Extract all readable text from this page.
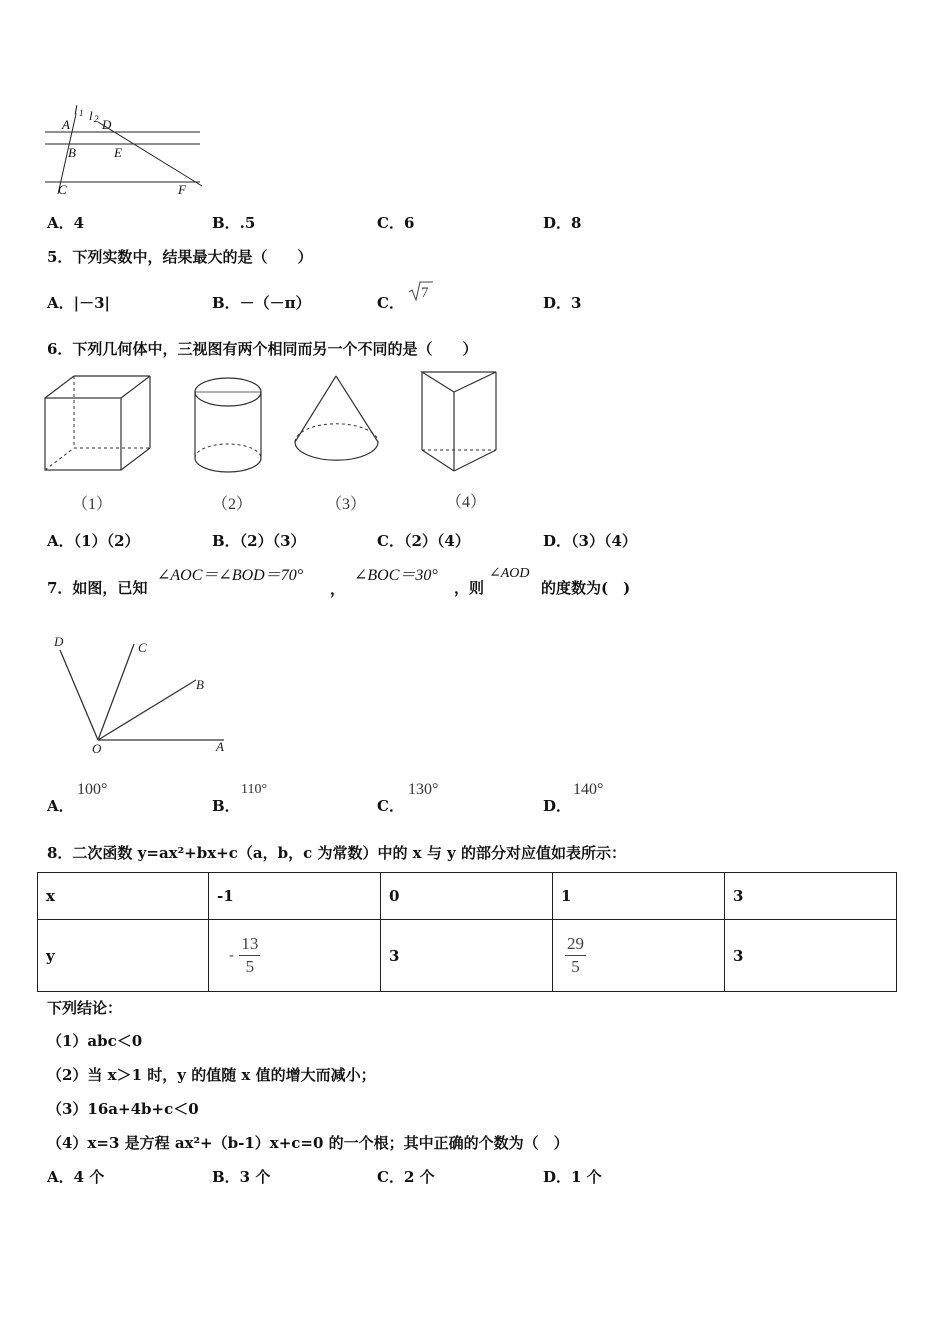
A
l 1 l 2 D
B	E
C	F
A．4	B．.5	C．6	D．8
5．下列实数中，结果最大的是（　　）
A．|－3|	B．－（－π）	C．
7
D．3
6．下列几何体中，三视图有两个相同而另一个不同的是（　　）
（1）	（2）	（3）	（4）
A．（1）（2）	B．（2）（3）	C．（2）（4）	D．（3）（4）
7．如图，已知
∠AOC＝∠BOD＝70°
，
∠BOC＝30°
，则
∠AOD
的度数为(　)
D	C
B
O	A
A．
100°
B．
110°
C．
130°
D．
140°
8．二次函数 y=ax²+bx+c（a，b，c 为常数）中的 x 与 y 的部分对应值如表所示：
x	-1	0	1	3
y	- $\frac{13}{5}$	3	$\frac{29}{5}$	3
下列结论：
（1）abc＜0
（2）当 x＞1 时，y 的值随 x 值的增大而减小；
（3）16a+4b+c＜0
（4）x=3 是方程 ax²+（b-1）x+c=0 的一个根；其中正确的个数为（　）
A．4 个	B．3 个	C．2 个	D．1 个
